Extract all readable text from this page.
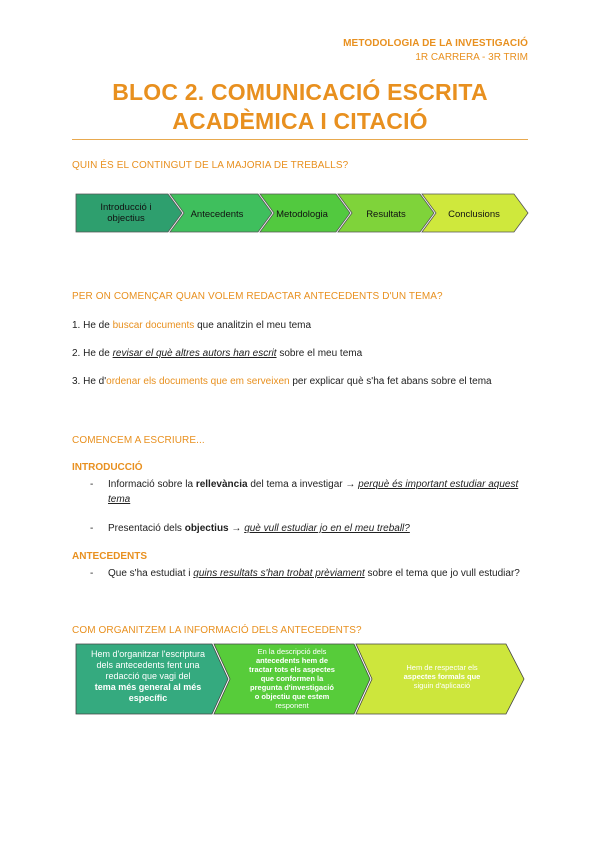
METODOLOGIA DE LA INVESTIGACIÓ
1R CARRERA - 3R TRIM
BLOC 2. COMUNICACIÓ ESCRITA
ACADÈMICA I CITACIÓ
QUIN ÉS EL CONTINGUT DE LA MAJORIA DE TREBALLS?
Introducció i
objectius	Antecedents	Metodologia	Resultats	Conclusions
PER ON COMENÇAR QUAN VOLEM REDACTAR ANTECEDENTS D'UN TEMA?
1. He de buscar documents que analitzin el meu tema
2. He de revisar el què altres autors han escrit sobre el meu tema
3. He d'ordenar els documents que em serveixen per explicar què s'ha fet abans sobre el tema
COMENCEM A ESCRIURE...
INTRODUCCIÓ
- Informació sobre la rellevància del tema a investigar → perquè és important estudiar aquest tema
- Presentació dels objectius → què vull estudiar jo en el meu treball?
ANTECEDENTS
- Que s'ha estudiat i quins resultats s'han trobat prèviament sobre el tema que jo vull estudiar?
COM ORGANITZEM LA INFORMACIÓ DELS ANTECEDENTS?
Hem d'organitzar l'escriptura
dels antecedents fent una
redacció que vagi del
tema més general al més
específic
En la descripció dels
antecedents hem de
tractar tots els aspectes
que conformen la
pregunta d'investigació
o objectiu que estem
responent
Hem de respectar els
aspectes formals que
siguin d'aplicació
